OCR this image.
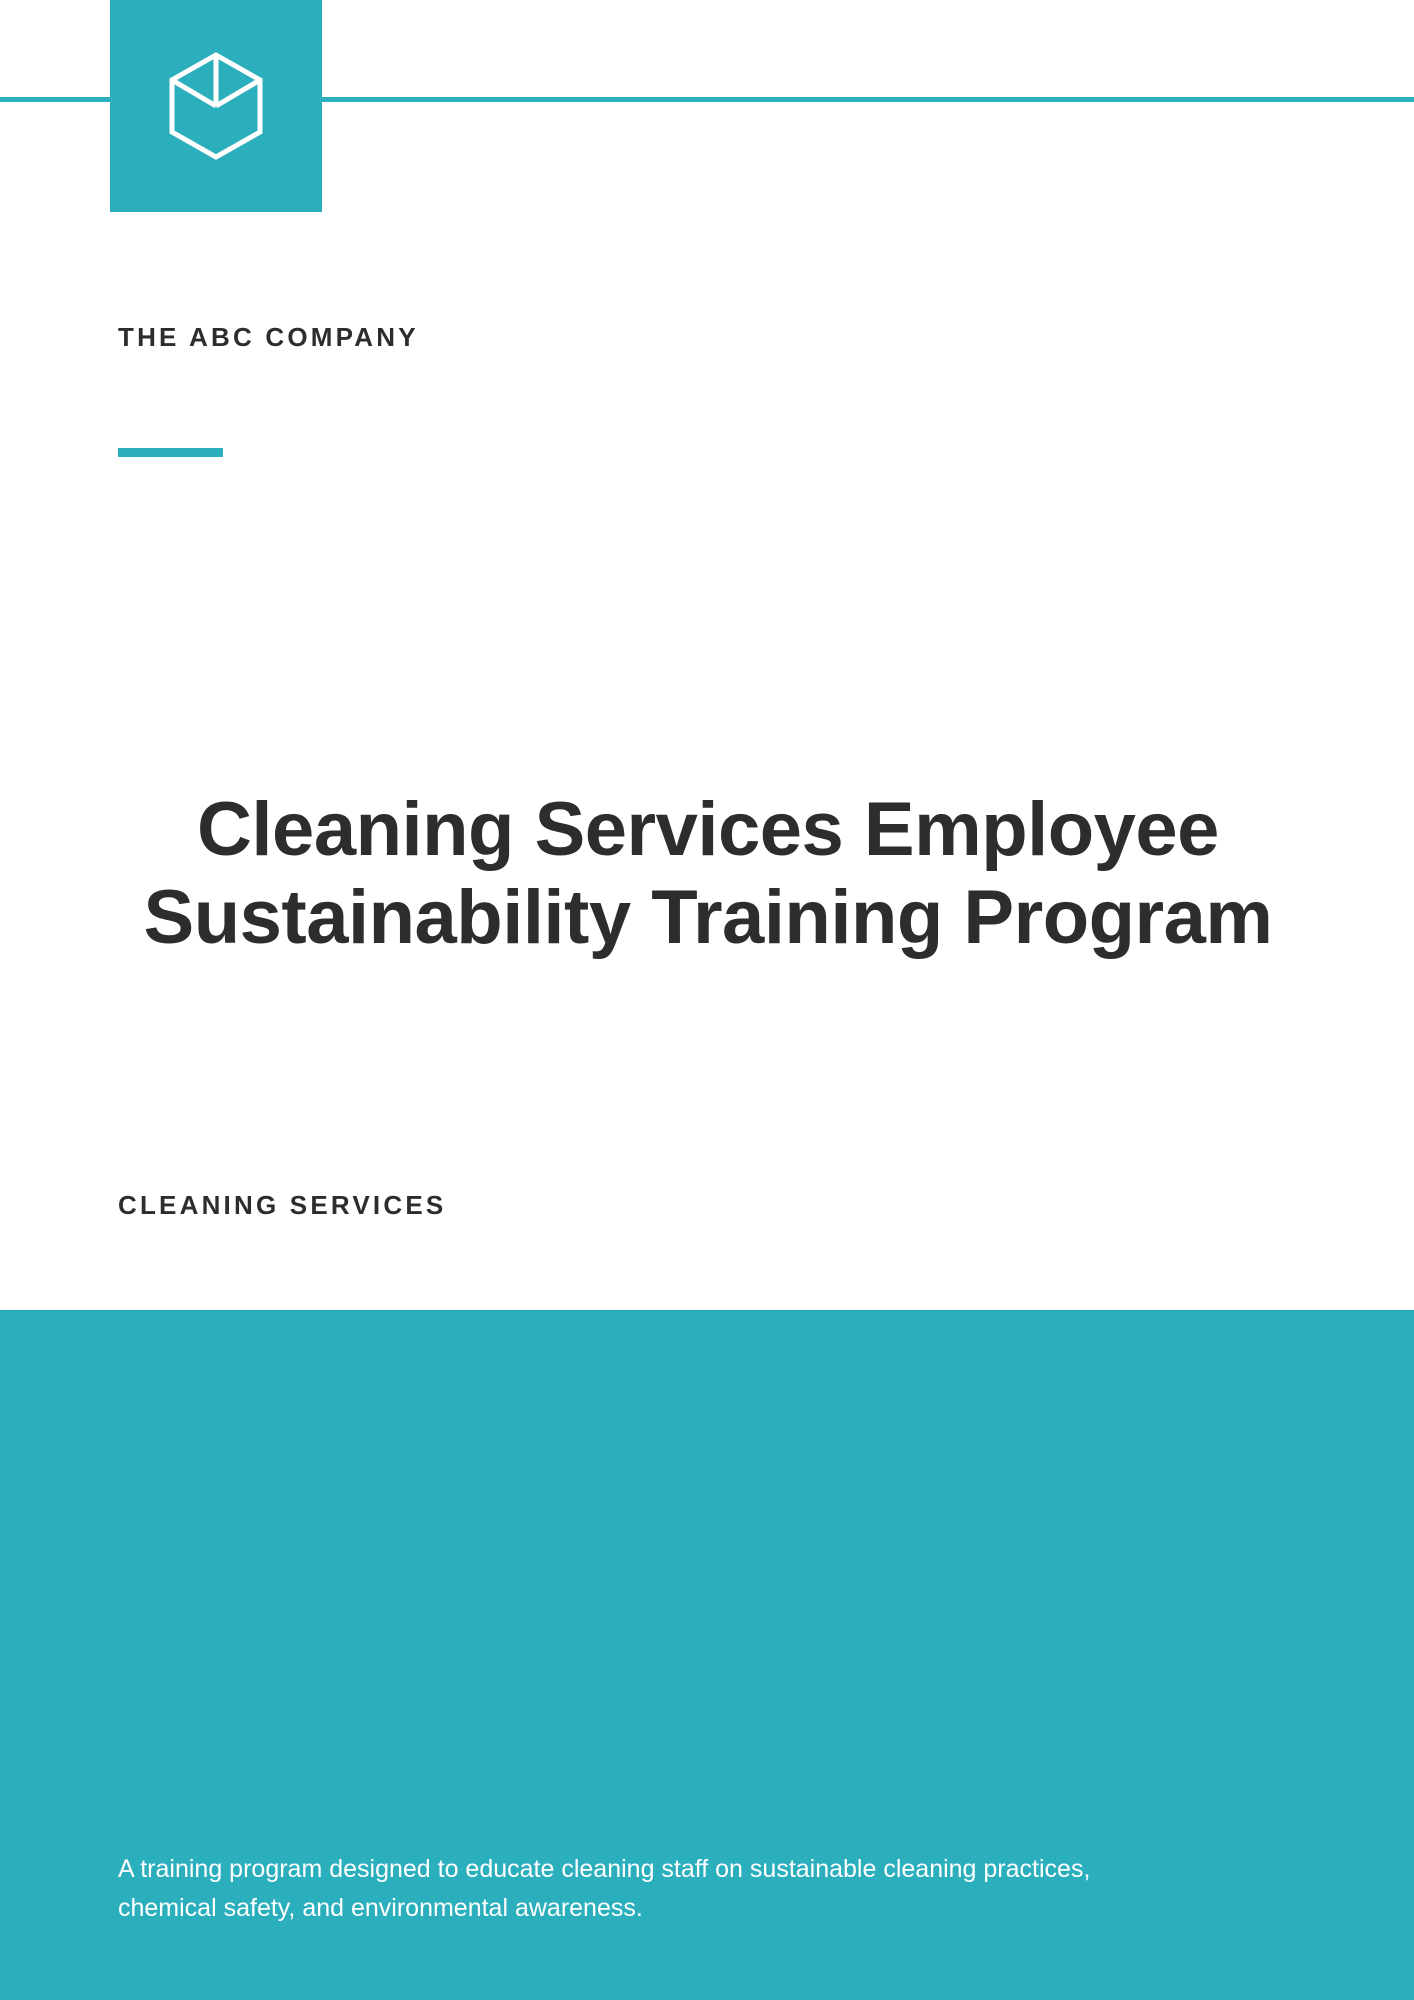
THE ABC COMPANY
Cleaning Services Employee Sustainability Training Program
CLEANING SERVICES

A training program designed to educate cleaning staff on sustainable cleaning practices, chemical safety, and environmental awareness.
